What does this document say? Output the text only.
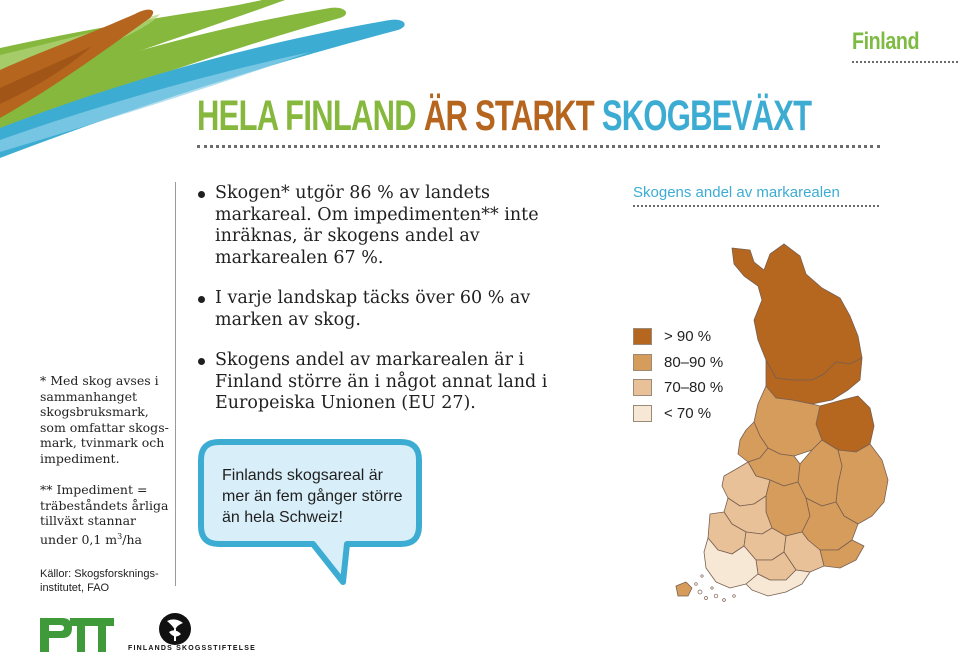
Finland
HELA FINLAND ÄR STARKT SKOGBEVÄXT
Skogen* utgör 86 % av landets markareal. Om impedimenten** inte inräknas, är skogens andel av markarealen 67 %.
I varje landskap täcks över 60 % av marken av skog.
Skogens andel av markarealen är i Finland större än i något annat land i Europeiska Unionen (EU 27).
* Med skog avses i sammanhanget skogsbruksmark, som omfattar skogs-mark, tvinmark och impediment.
** Impediment = träbeståndets årliga tillväxt stannar under 0,1 $m^3/ha$
Källor: Skogsforsknings-institutet, FAO
Finlands skogsareal är mer än fem gånger större än hela Schweiz!
Skogens andel av markarealen
> 90 %
80–90 %
70–80 %
< 70 %
FINLANDS SKOGSSTIFTELSE
